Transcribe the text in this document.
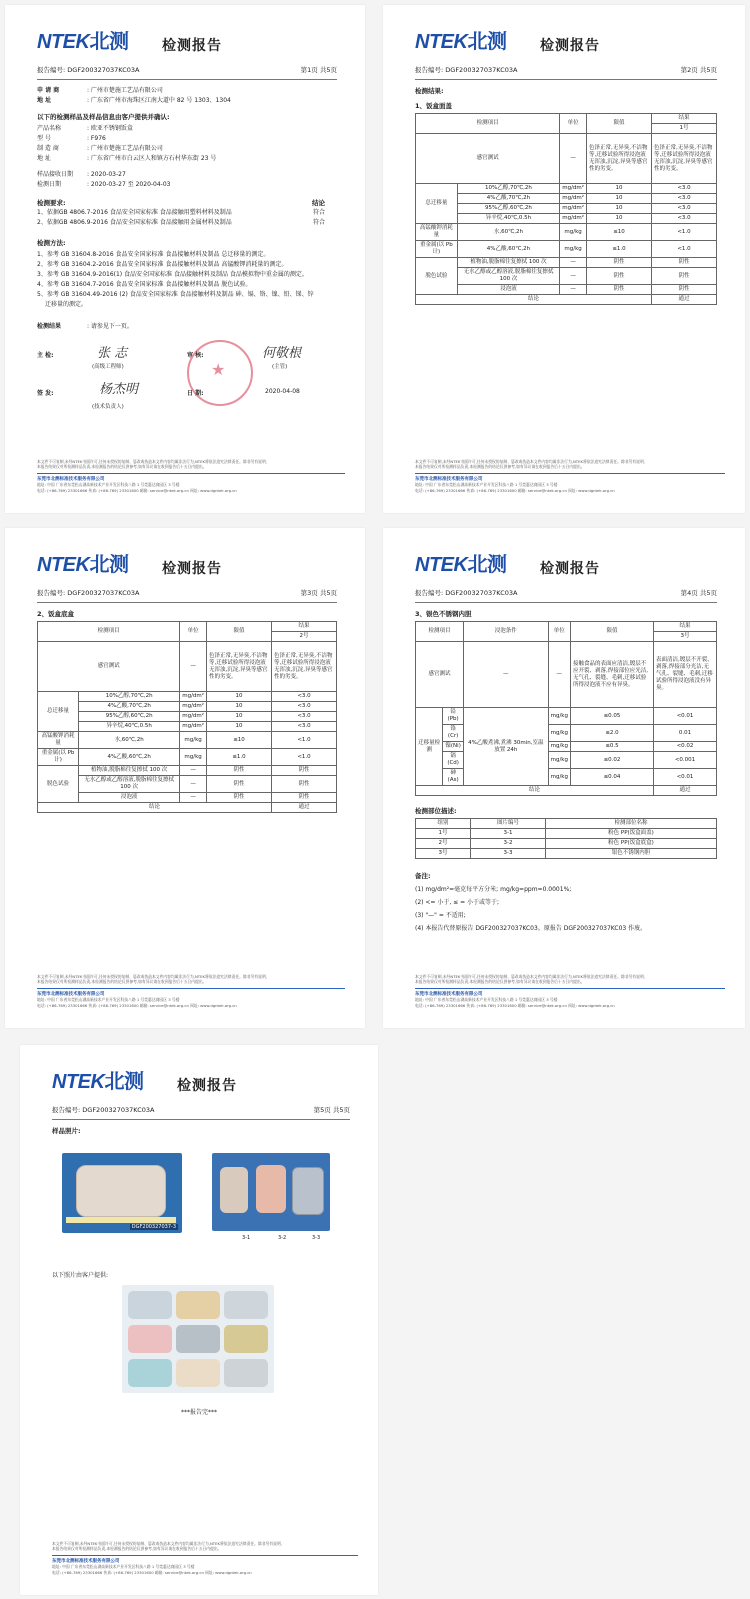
NTEK北测 检测报告
报告编号: DGF200327037KC03A	第1页 共5页
申 请 商	: 广州市楚施工艺品有限公司
地 址	: 广东省广州市海珠区江南大道中 82 号 1303、1304
以下的检测样品及样品信息由客户提供并确认:
产品名称	: 欧亚不锈钢饭盒
型 号	: F976
制 造 商	: 广州市楚施工艺品有限公司
地 址	: 广东省广州市白云区人和镇方石村华东街 23 号
样品接收日期	: 2020-03-27
检测日期	: 2020-03-27 至 2020-04-03
检测要求:	结论
1、依据GB 4806.7-2016 食品安全国家标准 食品接触用塑料材料及制品	符合
2、依据GB 4806.9-2016 食品安全国家标准 食品接触用金属材料及制品	符合
检测方法:
1、参考 GB 31604.8-2016 食品安全国家标准 食品接触材料及制品 总迁移量的测定。
2、参考 GB 31604.2-2016 食品安全国家标准 食品接触材料及制品 高锰酸钾消耗量的测定。
3、参考 GB 31604.9-2016(1) 食品安全国家标准 食品接触材料及制品 食品模拟物中重金属的测定。
4、参考 GB 31604.7-2016 食品安全国家标准 食品接触材料及制品 脱色试验。
5、参考 GB 31604.49-2016 (2) 食品安全国家标准 食品接触材料及制品 砷、镉、铬、镍、铅、锑、锌
迁移量的测定。
检测结果	: 请参见下一页。
★
主 检:	张 志
(高级工程师)
审 核:	何敬根
(主管)
签 发:	杨杰明
(技术负责人)
日 期:	2020-04-08
本文件不可复制,未经NTEK书面许可,任何未授权的复制、篡改或伪造本文件内容均属非法行为,NTEK将依法追究法律责任。除非另有说明,
本报告结果仅对所检测样品负责,本检测报告的结论仅供参考,如有异议请在收到报告后十五日内提出。
东莞市北测标准技术服务有限公司
地址: 中国 广东省东莞松山湖高新技术产业开发区科技八路 1 号莞惠达商园区 3 号楼
电话: (+86-769) 23301666 传真: (+86-769) 23301600 邮箱: service@ntek.org.cn 网址: www.dgntek.org.cn
NTEK北测 检测报告
报告编号: DGF200327037KC03A	第2页 共5页
检测结果:
1、饭盒面盖
检测项目		单位	限值	结果
				1号
感官测试		—	色泽正常,无异臭,不洁物等,迁移试验所得浸泡液无浑浊,沉淀,异臭等感官性的劣变。	色泽正常,无异臭,不洁物等,迁移试验所得浸泡液无浑浊,沉淀,异臭等感官性的劣变。
总迁移量	10%乙醇,70℃,2h	mg/dm²	10	<3.0
	4%乙酸,70℃,2h	mg/dm²	10	<3.0
	95%乙醇,60℃,2h	mg/dm²	10	<3.0
	异辛烷,40℃,0.5h	mg/dm²	10	<3.0
高锰酸钾消耗量	水,60℃,2h	mg/kg	≤10	<1.0
重金属(以 Pb 计)	4%乙酸,60℃,2h	mg/kg	≤1.0	<1.0
脱色试验	植物油,脱脂棉往复擦拭 100 次	—	阴性	阴性
	无水乙醇或乙醇溶液,脱脂棉往复擦拭 100 次	—	阴性	阴性
	浸泡液	—	阴性	阴性
结论				通过
本文件不可复制,未经NTEK书面许可,任何未授权的复制、篡改或伪造本文件内容均属非法行为,NTEK将依法追究法律责任。除非另有说明,
本报告结果仅对所检测样品负责,本检测报告的结论仅供参考,如有异议请在收到报告后十五日内提出。
东莞市北测标准技术服务有限公司
地址: 中国 广东省东莞松山湖高新技术产业开发区科技八路 1 号莞惠达商园区 3 号楼
电话: (+86-769) 23301666 传真: (+86-769) 23301600 邮箱: service@ntek.org.cn 网址: www.dgntek.org.cn
NTEK北测 检测报告
报告编号: DGF200327037KC03A	第3页 共5页
2、饭盒底盒
检测项目		单位	限值	结果
				2号
感官测试		—	色泽正常,无异臭,不洁物等,迁移试验所得浸泡液无浑浊,沉淀,异臭等感官性的劣变。	色泽正常,无异臭,不洁物等,迁移试验所得浸泡液无浑浊,沉淀,异臭等感官性的劣变。
总迁移量	10%乙醇,70℃,2h	mg/dm²	10	<3.0
	4%乙酸,70℃,2h	mg/dm²	10	<3.0
	95%乙醇,60℃,2h	mg/dm²	10	<3.0
	异辛烷,40℃,0.5h	mg/dm²	10	<3.0
高锰酸钾消耗量	水,60℃,2h	mg/kg	≤10	<1.0
重金属(以 Pb 计)	4%乙酸,60℃,2h	mg/kg	≤1.0	<1.0
脱色试验	植物油,脱脂棉往复擦拭 100 次	—	阴性	阴性
	无水乙醇或乙醇溶液,脱脂棉往复擦拭 100 次	—	阴性	阴性
	浸泡液	—	阴性	阴性
结论				通过
本文件不可复制,未经NTEK书面许可,任何未授权的复制、篡改或伪造本文件内容均属非法行为,NTEK将依法追究法律责任。除非另有说明,
本报告结果仅对所检测样品负责,本检测报告的结论仅供参考,如有异议请在收到报告后十五日内提出。
东莞市北测标准技术服务有限公司
地址: 中国 广东省东莞松山湖高新技术产业开发区科技八路 1 号莞惠达商园区 3 号楼
电话: (+86-769) 23301666 传真: (+86-769) 23301600 邮箱: service@ntek.org.cn 网址: www.dgntek.org.cn
NTEK北测 检测报告
报告编号: DGF200327037KC03A	第4页 共5页
3、银色不锈钢内胆
检测项目		浸泡条件	单位	限值	结果
					3号
感官测试		—	—	接触食品的表面应清洁,镀层不应开裂、剥落,焊接部位应光洁,无气孔、裂缝、毛刺,迁移试验所得浸泡液不应有异臭。	表面清洁,镀层不开裂、剥落,焊接部分光洁,无气孔、裂缝、毛刺,迁移试验所得浸泡液没有异臭。
迁移量检测	铅(Pb)	4%乙酸煮沸,煮沸 30min,室温放置 24h	mg/kg	≤0.05	<0.01
	铬(Cr)		mg/kg	≤2.0	0.01
	镍(Ni)		mg/kg	≤0.5	<0.02
	镉(Cd)		mg/kg	≤0.02	<0.001
	砷(As)		mg/kg	≤0.04	<0.01
结论					通过
检测部位描述:
组别	图片编号	检测部位名称
1号	3-1	粉色 PP(饭盒面盖)
2号	3-2	粉色 PP(饭盒底盒)
3号	3-3	银色不锈钢内胆
备注:
(1) mg/dm²=毫克每平方分米; mg/kg=ppm=0.0001%;
(2) <= 小于, ≤ = 小于或等于;
(3) "—" = 不适用;
(4) 本报告代替原报告 DGF200327037KC03。原报告 DGF200327037KC03 作废。
本文件不可复制,未经NTEK书面许可,任何未授权的复制、篡改或伪造本文件内容均属非法行为,NTEK将依法追究法律责任。除非另有说明,
本报告结果仅对所检测样品负责,本检测报告的结论仅供参考,如有异议请在收到报告后十五日内提出。
东莞市北测标准技术服务有限公司
地址: 中国 广东省东莞松山湖高新技术产业开发区科技八路 1 号莞惠达商园区 3 号楼
电话: (+86-769) 23301666 传真: (+86-769) 23301600 邮箱: service@ntek.org.cn 网址: www.dgntek.org.cn
NTEK北测 检测报告
报告编号: DGF200327037KC03A	第5页 共5页
样品照片:
DGF200327037-3
3-1	3-2	3-3
以下照片由客户提供:
***报告完***
本文件不可复制,未经NTEK书面许可,任何未授权的复制、篡改或伪造本文件内容均属非法行为,NTEK将依法追究法律责任。除非另有说明,
本报告结果仅对所检测样品负责,本检测报告的结论仅供参考,如有异议请在收到报告后十五日内提出。
东莞市北测标准技术服务有限公司
地址: 中国 广东省东莞松山湖高新技术产业开发区科技八路 1 号莞惠达商园区 3 号楼
电话: (+86-769) 23301666 传真: (+86-769) 23301600 邮箱: service@ntek.org.cn 网址: www.dgntek.org.cn
